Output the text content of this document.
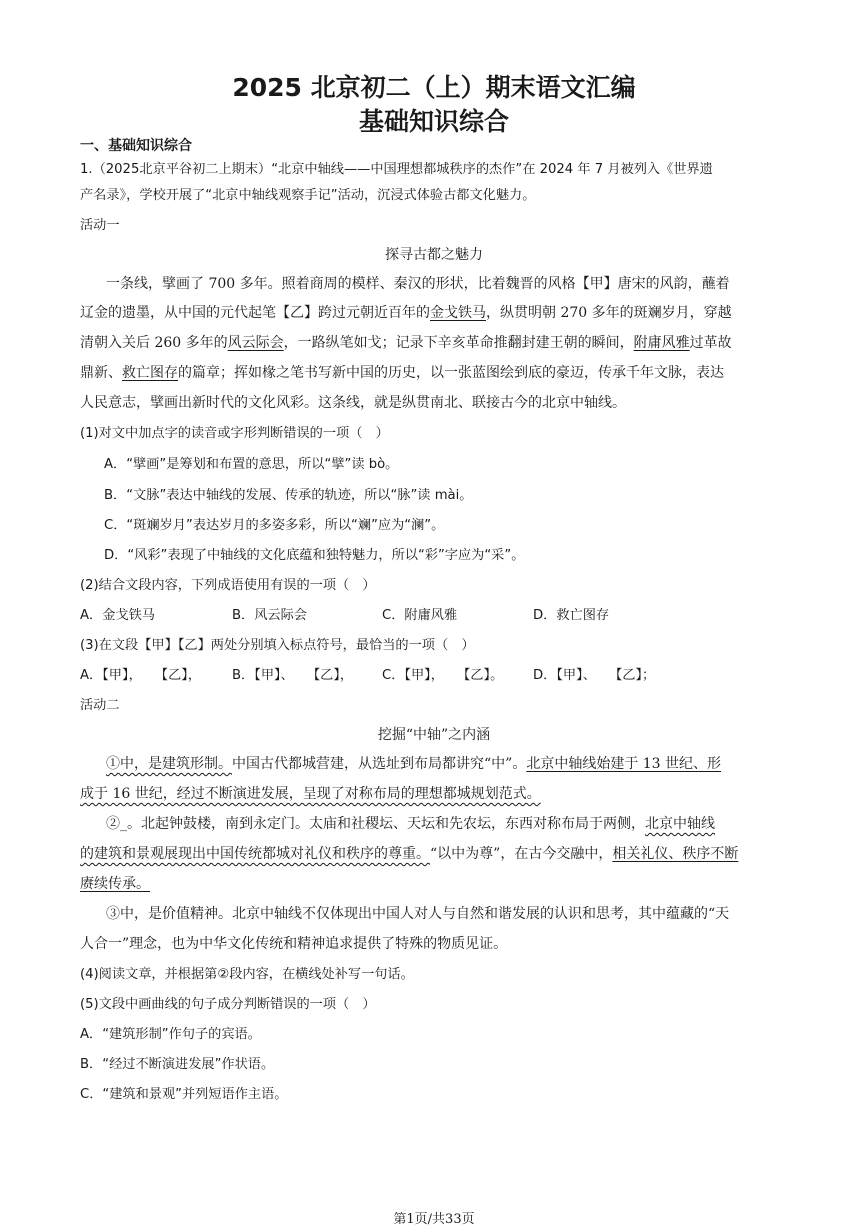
2025 北京初二（上）期末语文汇编
基础知识综合
一、基础知识综合
1.（2025北京平谷初二上期末）“北京中轴线——中国理想都城秩序的杰作”在 2024 年 7 月被列入《世界遗
产名录》，学校开展了“北京中轴线观察手记”活动，沉浸式体验古都文化魅力。
活动一
探寻古都之魅力
一条线，擘画了 700 多年。照着商周的模样、秦汉的形状，比着魏晋的风格【甲】唐宋的风韵，蘸着
辽金的遗墨，从中国的元代起笔【乙】跨过元朝近百年的金戈铁马，纵贯明朝 270 多年的斑斓岁月，穿越
清朝入关后 260 多年的风云际会，一路纵笔如戈；记录下辛亥革命推翻封建王朝的瞬间，附庸风雅过革故
鼎新、救亡图存的篇章；挥如椽之笔书写新中国的历史，以一张蓝图绘到底的豪迈，传承千年文脉，表达
人民意志，擘画出新时代的文化风彩。这条线，就是纵贯南北、联接古今的北京中轴线。
(1)对文中加点字的读音或字形判断错误的一项（　）
A．“擘画”是筹划和布置的意思，所以“擘”读 bò。
B．“文脉”表达中轴线的发展、传承的轨迹，所以“脉”读 mài。
C．“斑斓岁月”表达岁月的多姿多彩，所以“斓”应为“澜”。
D．“风彩”表现了中轴线的文化底蕴和独特魅力，所以“彩”字应为“采”。
(2)结合文段内容，下列成语使用有误的一项（　）
A．金戈铁马	B．风云际会	C．附庸风雅	D．救亡图存
(3)在文段【甲】【乙】两处分别填入标点符号，最恰当的一项（　）
A．【甲】，　　【乙】， B．【甲】、　　【乙】， C．【甲】，　　【乙】。 D．【甲】、　　【乙】；
活动二
挖掘“中轴”之内涵
①中，是建筑形制。中国古代都城营建，从选址到布局都讲究“中”。北京中轴线始建于 13 世纪、形
成于 16 世纪，经过不断演进发展，呈现了对称布局的理想都城规划范式。
②_。北起钟鼓楼，南到永定门。太庙和社稷坛、天坛和先农坛，东西对称布局于两侧，北京中轴线
的建筑和景观展现出中国传统都城对礼仪和秩序的尊重。“以中为尊”，在古今交融中，相关礼仪、秩序不断
赓续传承。
③中，是价值精神。北京中轴线不仅体现出中国人对人与自然和谐发展的认识和思考，其中蕴藏的“天
人合一”理念，也为中华文化传统和精神追求提供了特殊的物质见证。
(4)阅读文章，并根据第②段内容，在横线处补写一句话。
(5)文段中画曲线的句子成分判断错误的一项（　）
A．“建筑形制”作句子的宾语。
B．“经过不断演进发展”作状语。
C．“建筑和景观”并列短语作主语。
第1页/共33页
